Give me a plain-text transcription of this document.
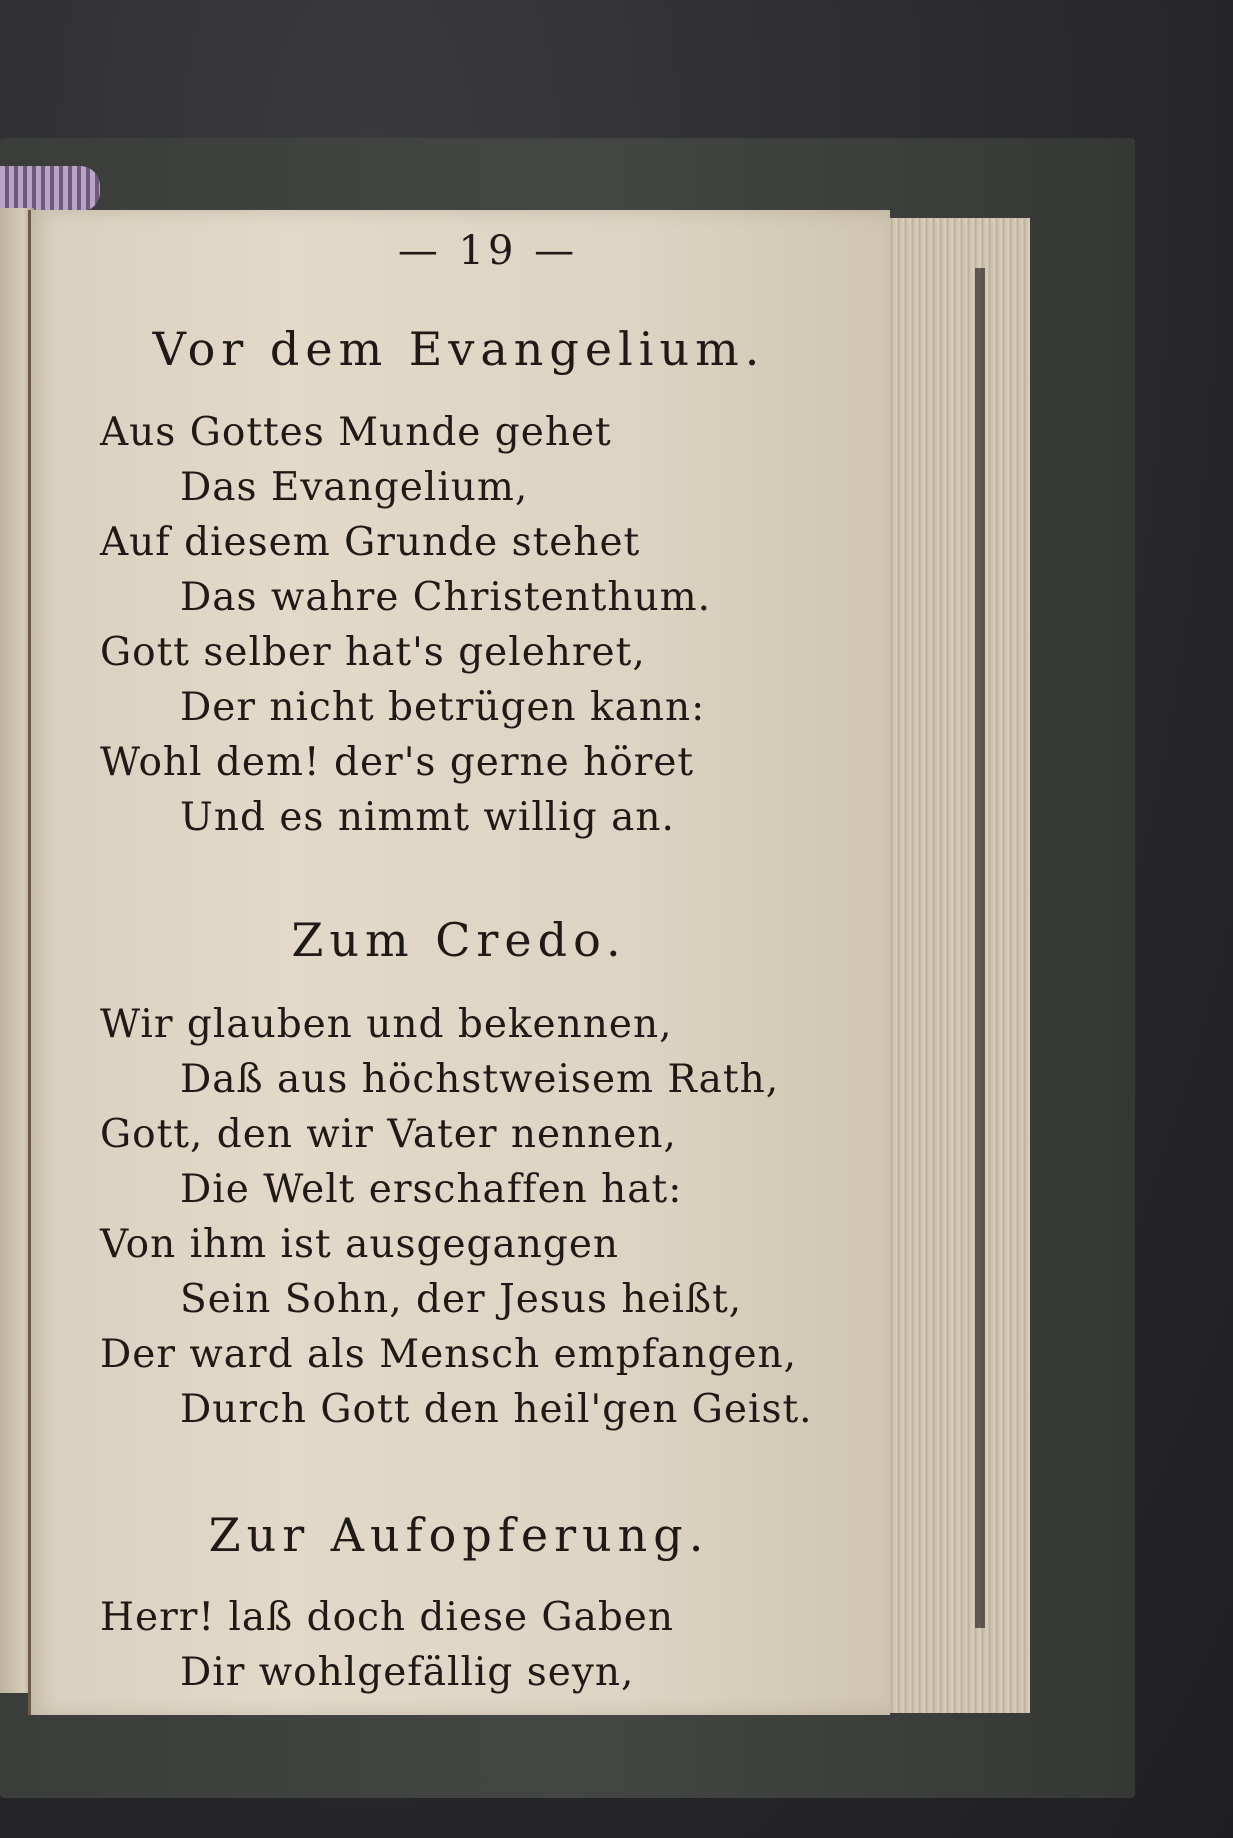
— 19 —
Vor dem Evangelium.
Aus Gottes Munde gehet
Das Evangelium,
Auf diesem Grunde stehet
Das wahre Christenthum.
Gott selber hat's gelehret,
Der nicht betrügen kann:
Wohl dem! der's gerne höret
Und es nimmt willig an.
Zum Credo.
Wir glauben und bekennen,
Daß aus höchstweisem Rath,
Gott, den wir Vater nennen,
Die Welt erschaffen hat:
Von ihm ist ausgegangen
Sein Sohn, der Jesus heißt,
Der ward als Mensch empfangen,
Durch Gott den heil'gen Geist.
Zur Aufopferung.
Herr! laß doch diese Gaben
Dir wohlgefällig seyn,
